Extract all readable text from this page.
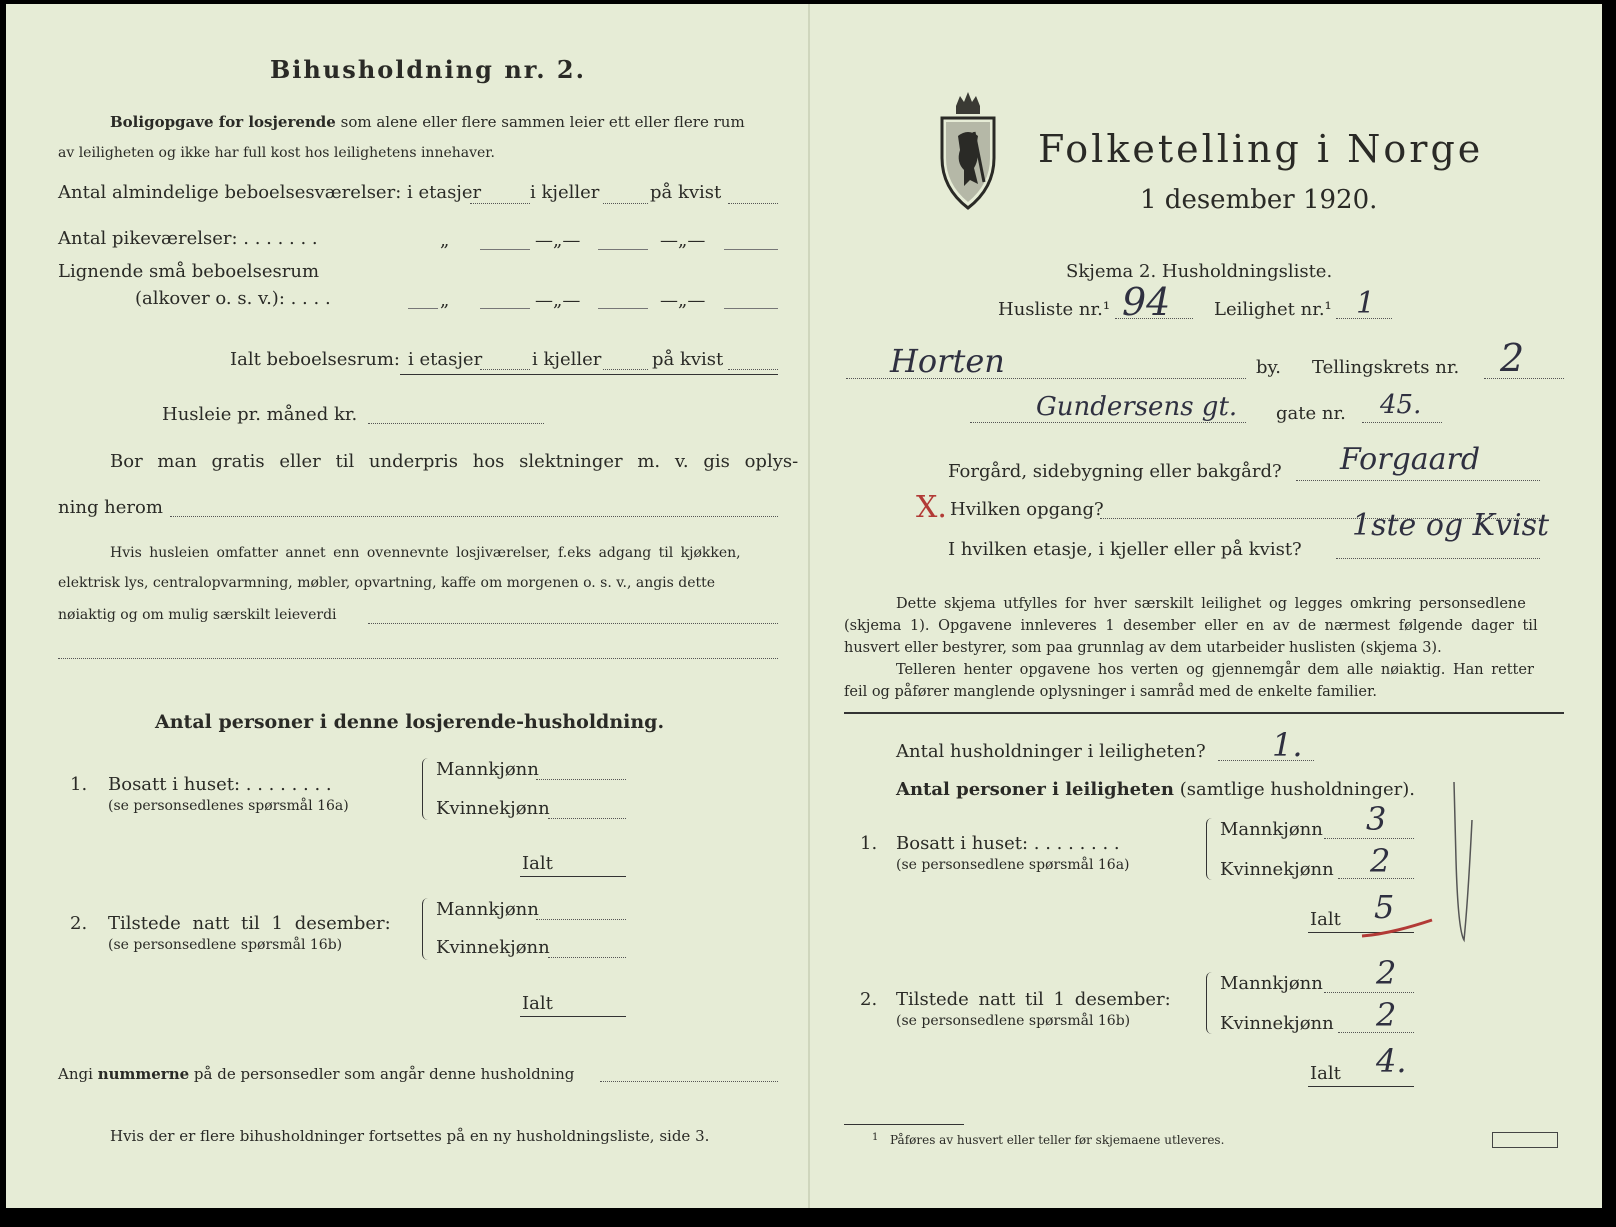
Bihusholdning nr. 2.
Boligopgave for losjerende som alene eller flere sammen leier ett eller flere rum
av leiligheten og ikke har full kost hos leilighetens innehaver.
Antal almindelige beboelsesværelser: i etasjer	i kjeller	på kvist
Antal pikeværelser: . . . . . . .	„	—„—	—„—
Lignende små beboelsesrum
(alkover o. s. v.): . . . .	„	—„—	—„—
Ialt beboelsesrum: i etasjer	i kjeller	på kvist
Husleie pr. måned kr.
Bor man gratis eller til underpris hos slektninger m. v. gis oplys-
ning herom
Hvis husleien omfatter annet enn ovennevnte losjiværelser, f.eks adgang til kjøkken,
elektrisk lys, centralopvarmning, møbler, opvartning, kaffe om morgenen o. s. v., angis dette
nøiaktig og om mulig særskilt leieverdi
Antal personer i denne losjerende-husholdning.
1. Bosatt i huset: . . . . . . . .
(se personsedlenes spørsmål 16a)
Mannkjønn
Kvinnekjønn
Ialt
2. Tilstede natt til 1 desember:
(se personsedlene spørsmål 16b)
Mannkjønn
Kvinnekjønn
Ialt
Angi nummerne på de personsedler som angår denne husholdning
Hvis der er flere bihusholdninger fortsettes på en ny husholdningsliste, side 3.
Folketelling i Norge
1 desember 1920.
Skjema 2. Husholdningsliste.
Husliste nr.¹ 94 Leilighet nr.¹ 1
Horten	by. Tellingskrets nr. 2
Gundersens gt. gate nr. 45.
Forgård, sidebygning eller bakgård? Forgaard
X. Hvilken opgang?
I hvilken etasje, i kjeller eller på kvist?
1ste og Kvist
Dette skjema utfylles for hver særskilt leilighet og legges omkring personsedlene
(skjema 1). Opgavene innleveres 1 desember eller en av de nærmest følgende dager til
husvert eller bestyrer, som paa grunnlag av dem utarbeider huslisten (skjema 3).
Telleren henter opgavene hos verten og gjennemgår dem alle nøiaktig. Han retter
feil og påfører manglende oplysninger i samråd med de enkelte familier.
Antal husholdninger i leiligheten? 1.
Antal personer i leiligheten (samtlige husholdninger).
1. Bosatt i huset: . . . . . . . .
(se personsedlene spørsmål 16a)
Mannkjønn 3
Kvinnekjønn 2
Ialt 5
2. Tilstede natt til 1 desember:
(se personsedlene spørsmål 16b)
Mannkjønn 2
Kvinnekjønn 2
Ialt 4.
1 Påføres av husvert eller teller før skjemaene utleveres.
